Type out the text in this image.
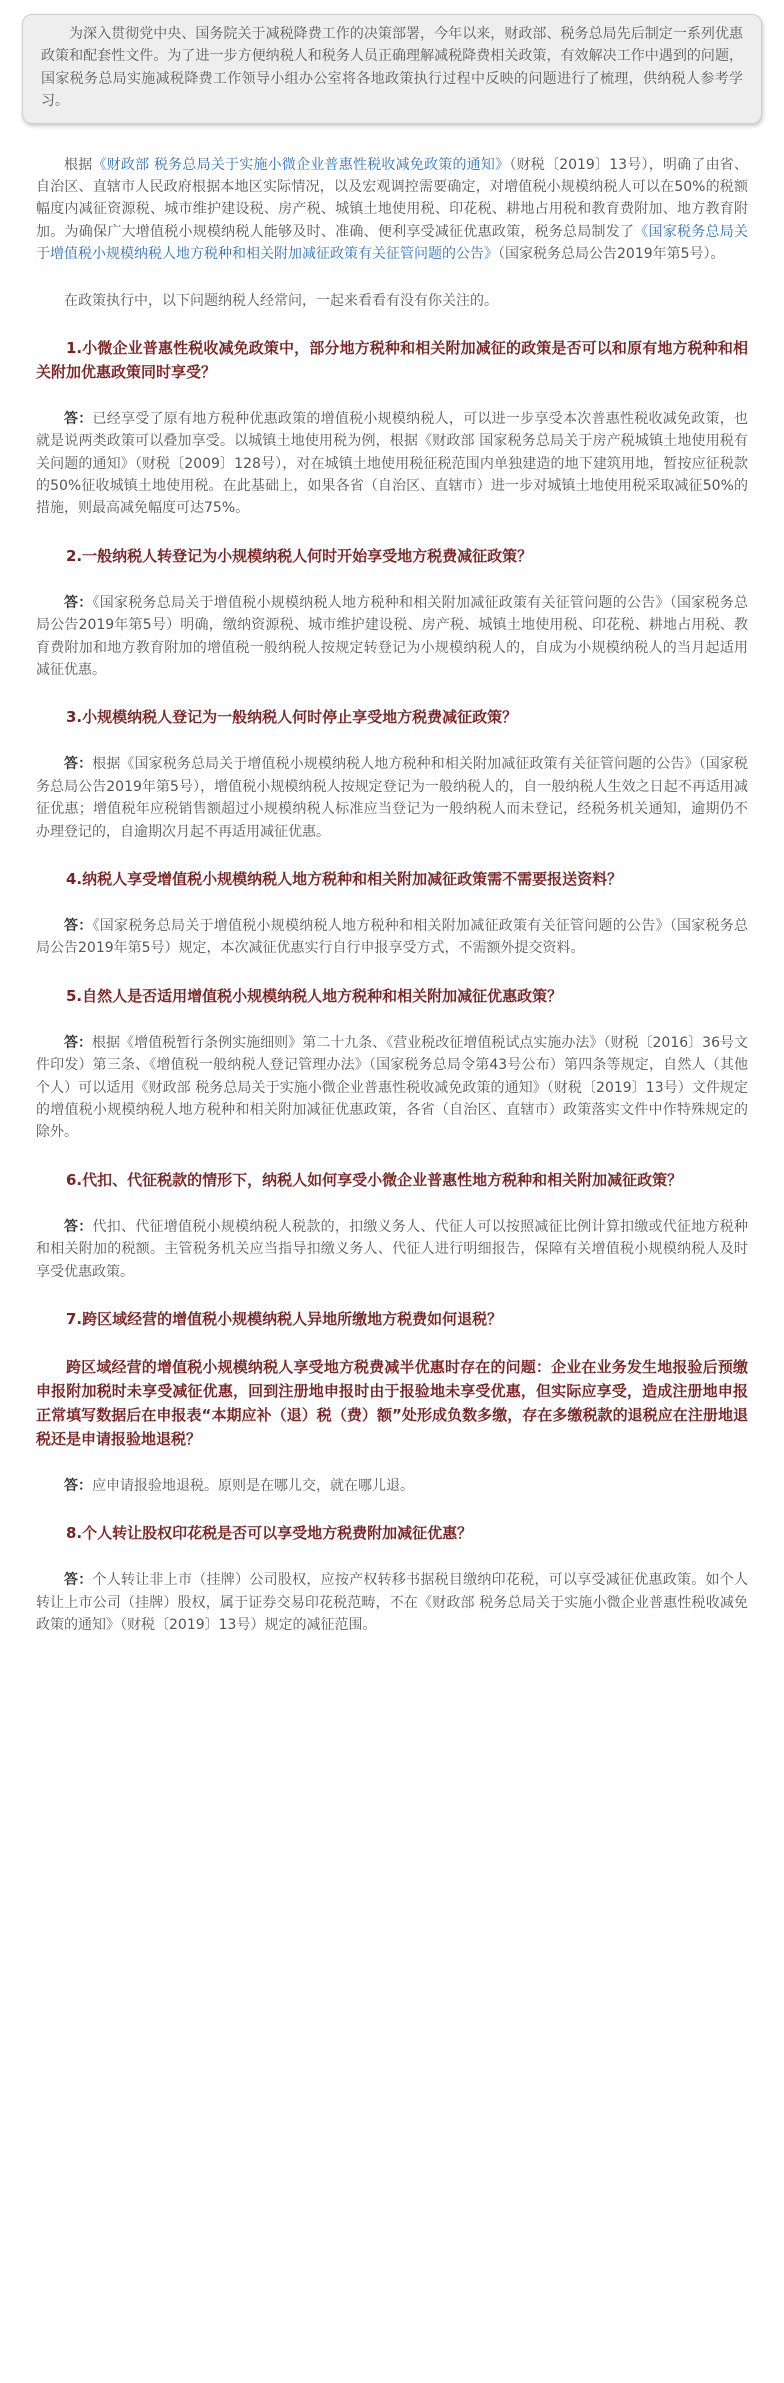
为深入贯彻党中央、国务院关于减税降费工作的决策部署，今年以来，财政部、税务总局先后制定一系列优惠政策和配套性文件。为了进一步方便纳税人和税务人员正确理解减税降费相关政策，有效解决工作中遇到的问题，国家税务总局实施减税降费工作领导小组办公室将各地政策执行过程中反映的问题进行了梳理，供纳税人参考学习。

根据《财政部 税务总局关于实施小微企业普惠性税收减免政策的通知》（财税〔2019〕13号），明确了由省、自治区、直辖市人民政府根据本地区实际情况，以及宏观调控需要确定，对增值税小规模纳税人可以在50%的税额幅度内减征资源税、城市维护建设税、房产税、城镇土地使用税、印花税、耕地占用税和教育费附加、地方教育附加。为确保广大增值税小规模纳税人能够及时、准确、便利享受减征优惠政策，税务总局制发了《国家税务总局关于增值税小规模纳税人地方税种和相关附加减征政策有关征管问题的公告》（国家税务总局公告2019年第5号）。

在政策执行中，以下问题纳税人经常问，一起来看看有没有你关注的。

1.小微企业普惠性税收减免政策中，部分地方税种和相关附加减征的政策是否可以和原有地方税种和相关附加优惠政策同时享受？

答：已经享受了原有地方税种优惠政策的增值税小规模纳税人，可以进一步享受本次普惠性税收减免政策，也就是说两类政策可以叠加享受。以城镇土地使用税为例，根据《财政部 国家税务总局关于房产税城镇土地使用税有关问题的通知》（财税〔2009〕128号），对在城镇土地使用税征税范围内单独建造的地下建筑用地，暂按应征税款的50%征收城镇土地使用税。在此基础上，如果各省（自治区、直辖市）进一步对城镇土地使用税采取减征50%的措施，则最高减免幅度可达75%。

2.一般纳税人转登记为小规模纳税人何时开始享受地方税费减征政策？

答：《国家税务总局关于增值税小规模纳税人地方税种和相关附加减征政策有关征管问题的公告》（国家税务总局公告2019年第5号）明确，缴纳资源税、城市维护建设税、房产税、城镇土地使用税、印花税、耕地占用税、教育费附加和地方教育附加的增值税一般纳税人按规定转登记为小规模纳税人的，自成为小规模纳税人的当月起适用减征优惠。

3.小规模纳税人登记为一般纳税人何时停止享受地方税费减征政策？

答：根据《国家税务总局关于增值税小规模纳税人地方税种和相关附加减征政策有关征管问题的公告》（国家税务总局公告2019年第5号），增值税小规模纳税人按规定登记为一般纳税人的，自一般纳税人生效之日起不再适用减征优惠；增值税年应税销售额超过小规模纳税人标准应当登记为一般纳税人而未登记，经税务机关通知，逾期仍不办理登记的，自逾期次月起不再适用减征优惠。

4.纳税人享受增值税小规模纳税人地方税种和相关附加减征政策需不需要报送资料？

答：《国家税务总局关于增值税小规模纳税人地方税种和相关附加减征政策有关征管问题的公告》（国家税务总局公告2019年第5号）规定，本次减征优惠实行自行申报享受方式，不需额外提交资料。

5.自然人是否适用增值税小规模纳税人地方税种和相关附加减征优惠政策？

答：根据《增值税暂行条例实施细则》第二十九条、《营业税改征增值税试点实施办法》（财税〔2016〕36号文件印发）第三条、《增值税一般纳税人登记管理办法》（国家税务总局令第43号公布）第四条等规定，自然人（其他个人）可以适用《财政部 税务总局关于实施小微企业普惠性税收减免政策的通知》（财税〔2019〕13号）文件规定的增值税小规模纳税人地方税种和相关附加减征优惠政策，各省（自治区、直辖市）政策落实文件中作特殊规定的除外。

6.代扣、代征税款的情形下，纳税人如何享受小微企业普惠性地方税种和相关附加减征政策？

答：代扣、代征增值税小规模纳税人税款的，扣缴义务人、代征人可以按照减征比例计算扣缴或代征地方税种和相关附加的税额。主管税务机关应当指导扣缴义务人、代征人进行明细报告，保障有关增值税小规模纳税人及时享受优惠政策。

7.跨区域经营的增值税小规模纳税人异地所缴地方税费如何退税？

跨区域经营的增值税小规模纳税人享受地方税费减半优惠时存在的问题：企业在业务发生地报验后预缴申报附加税时未享受减征优惠，回到注册地申报时由于报验地未享受优惠，但实际应享受，造成注册地申报正常填写数据后在申报表“本期应补（退）税（费）额”处形成负数多缴，存在多缴税款的退税应在注册地退税还是申请报验地退税？

答：应申请报验地退税。原则是在哪儿交，就在哪儿退。

8.个人转让股权印花税是否可以享受地方税费附加减征优惠？

答：个人转让非上市（挂牌）公司股权，应按产权转移书据税目缴纳印花税，可以享受减征优惠政策。如个人转让上市公司（挂牌）股权，属于证券交易印花税范畴，不在《财政部 税务总局关于实施小微企业普惠性税收减免政策的通知》（财税〔2019〕13号）规定的减征范围。
